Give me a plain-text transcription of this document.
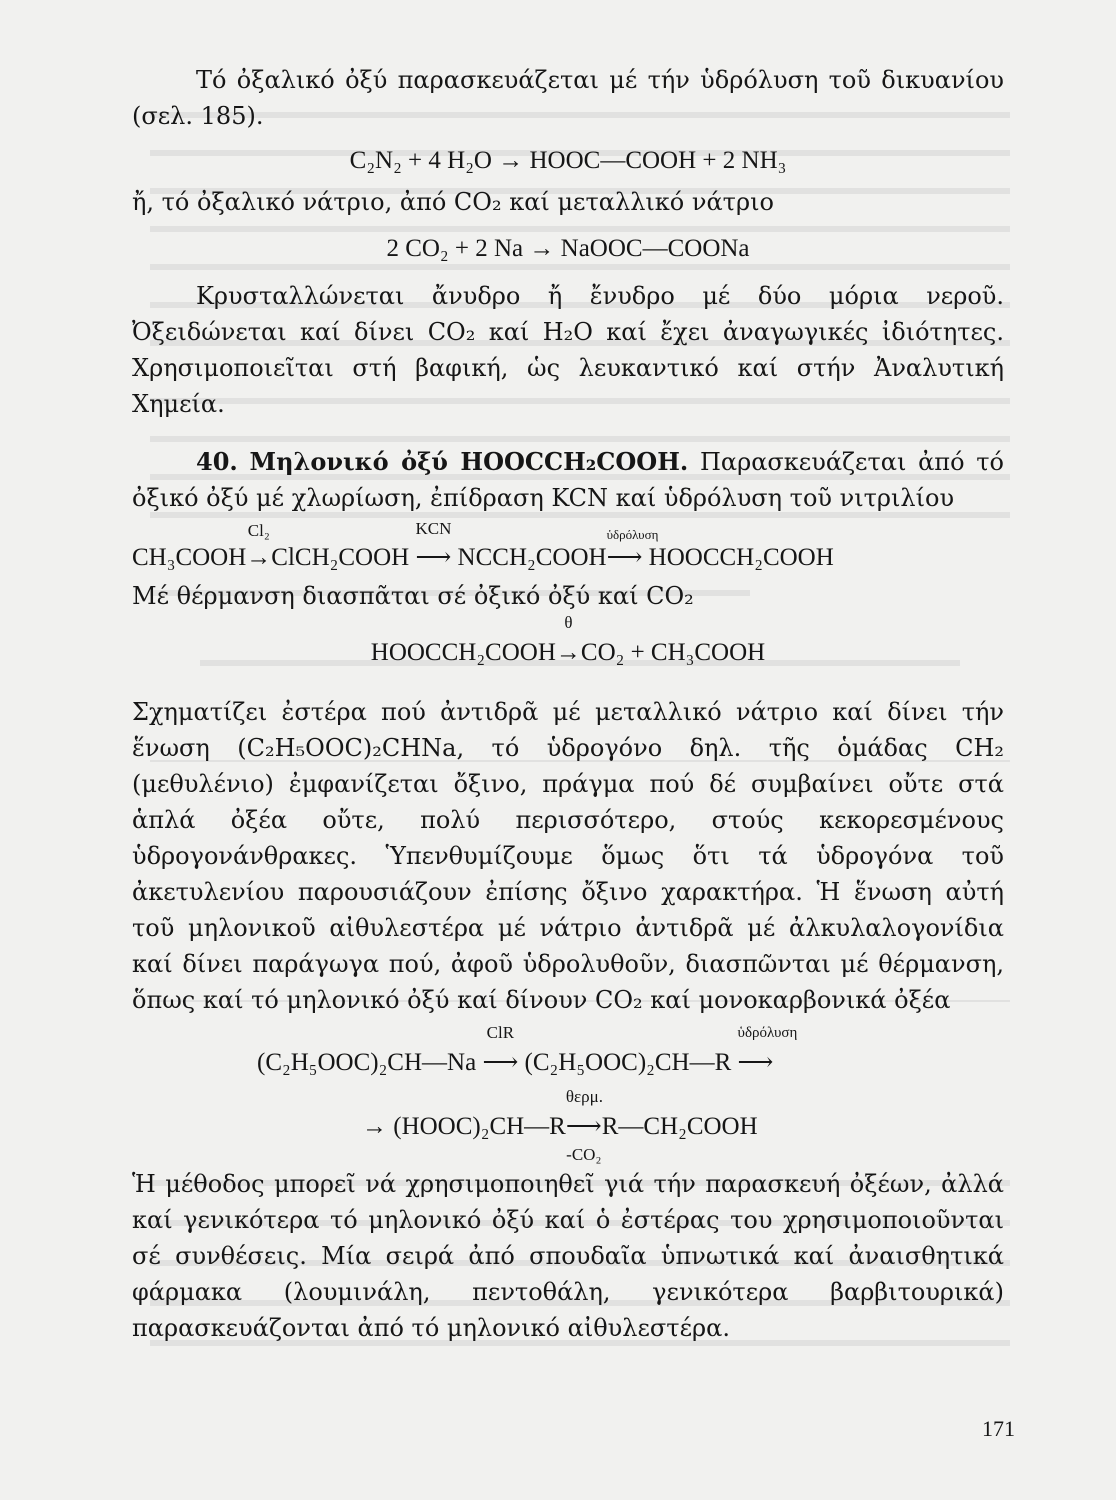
Τό ὀξαλικό ὀξύ παρασκευάζεται μέ τήν ὑδρόλυση τοῦ δικυανίου (σελ. 185).

C₂N₂ + 4 H₂O → HOOC—COOH + 2 NH₃

ἤ, τό ὀξαλικό νάτριο, ἀπό CO₂ καί μεταλλικό νάτριο

2 CO₂ + 2 Na → NaOOC—COONa

Κρυσταλλώνεται ἄνυδρο ἤ ἔνυδρο μέ δύο μόρια νεροῦ. Ὀξειδώνεται καί δίνει CO₂ καί H₂O καί ἔχει ἀναγωγικές ἰδιότητες. Χρησιμοποιεῖται στή βαφική, ὡς λευκαντικό καί στήν Ἀναλυτική Χημεία.

40. Μηλονικό ὀξύ HOOCCH₂COOH. Παρασκευάζεται ἀπό τό ὀξικό ὀξύ μέ χλωρίωση, ἐπίδραση KCN καί ὑδρόλυση τοῦ νιτριλίου

CH₃COOH→
Cl₂
ClCH₂COOH ⟶
KCN
NCCH₂COOH⟶
ὑδρόλυση
HOOCCH₂COOH

Μέ θέρμανση διασπᾶται σέ ὀξικό ὀξύ καί CO₂

HOOCCH₂COOH→
θ
CO₂ + CH₃COOH

Σχηματίζει ἐστέρα πού ἀντιδρᾶ μέ μεταλλικό νάτριο καί δίνει τήν ἕνωση (C₂H₅OOC)₂CHNa, τό ὑδρογόνο δηλ. τῆς ὁμάδας CH₂ (μεθυλένιο) ἐμφανίζεται ὄξινο, πράγμα πού δέ συμβαίνει οὔτε στά ἁπλά ὀξέα οὔτε, πολύ περισσότερο, στούς κεκορεσμένους ὑδρογονάνθρακες. Ὑπενθυμίζουμε ὅμως ὅτι τά ὑδρογόνα τοῦ ἀκετυλενίου παρουσιάζουν ἐπίσης ὄξινο χαρακτήρα. Ἡ ἕνωση αὐτή τοῦ μηλονικοῦ αἰθυλεστέρα μέ νάτριο ἀντιδρᾶ μέ ἀλκυλαλογονίδια καί δίνει παράγωγα πού, ἀφοῦ ὑδρολυθοῦν, διασπῶνται μέ θέρμανση, ὅπως καί τό μηλονικό ὀξύ καί δίνουν CO₂ καί μονοκαρβονικά ὀξέα

(C₂H₅OOC)₂CH—Na ⟶
ClR
(C₂H₅OOC)₂CH—R ⟶
ὑδρόλυση
→ (HOOC)₂CH—R⟶
θερμ.
-CO₂
R—CH₂COOH

Ἡ μέθοδος μπορεῖ νά χρησιμοποιηθεῖ γιά τήν παρασκευή ὀξέων, ἀλλά καί γενικότερα τό μηλονικό ὀξύ καί ὁ ἐστέρας του χρησιμοποιοῦνται σέ συνθέσεις. Μία σειρά ἀπό σπουδαῖα ὑπνωτικά καί ἀναισθητικά φάρμακα (λουμινάλη, πεντοθάλη, γενικότερα βαρβιτουρικά) παρασκευάζονται ἀπό τό μηλονικό αἰθυλεστέρα.

171
